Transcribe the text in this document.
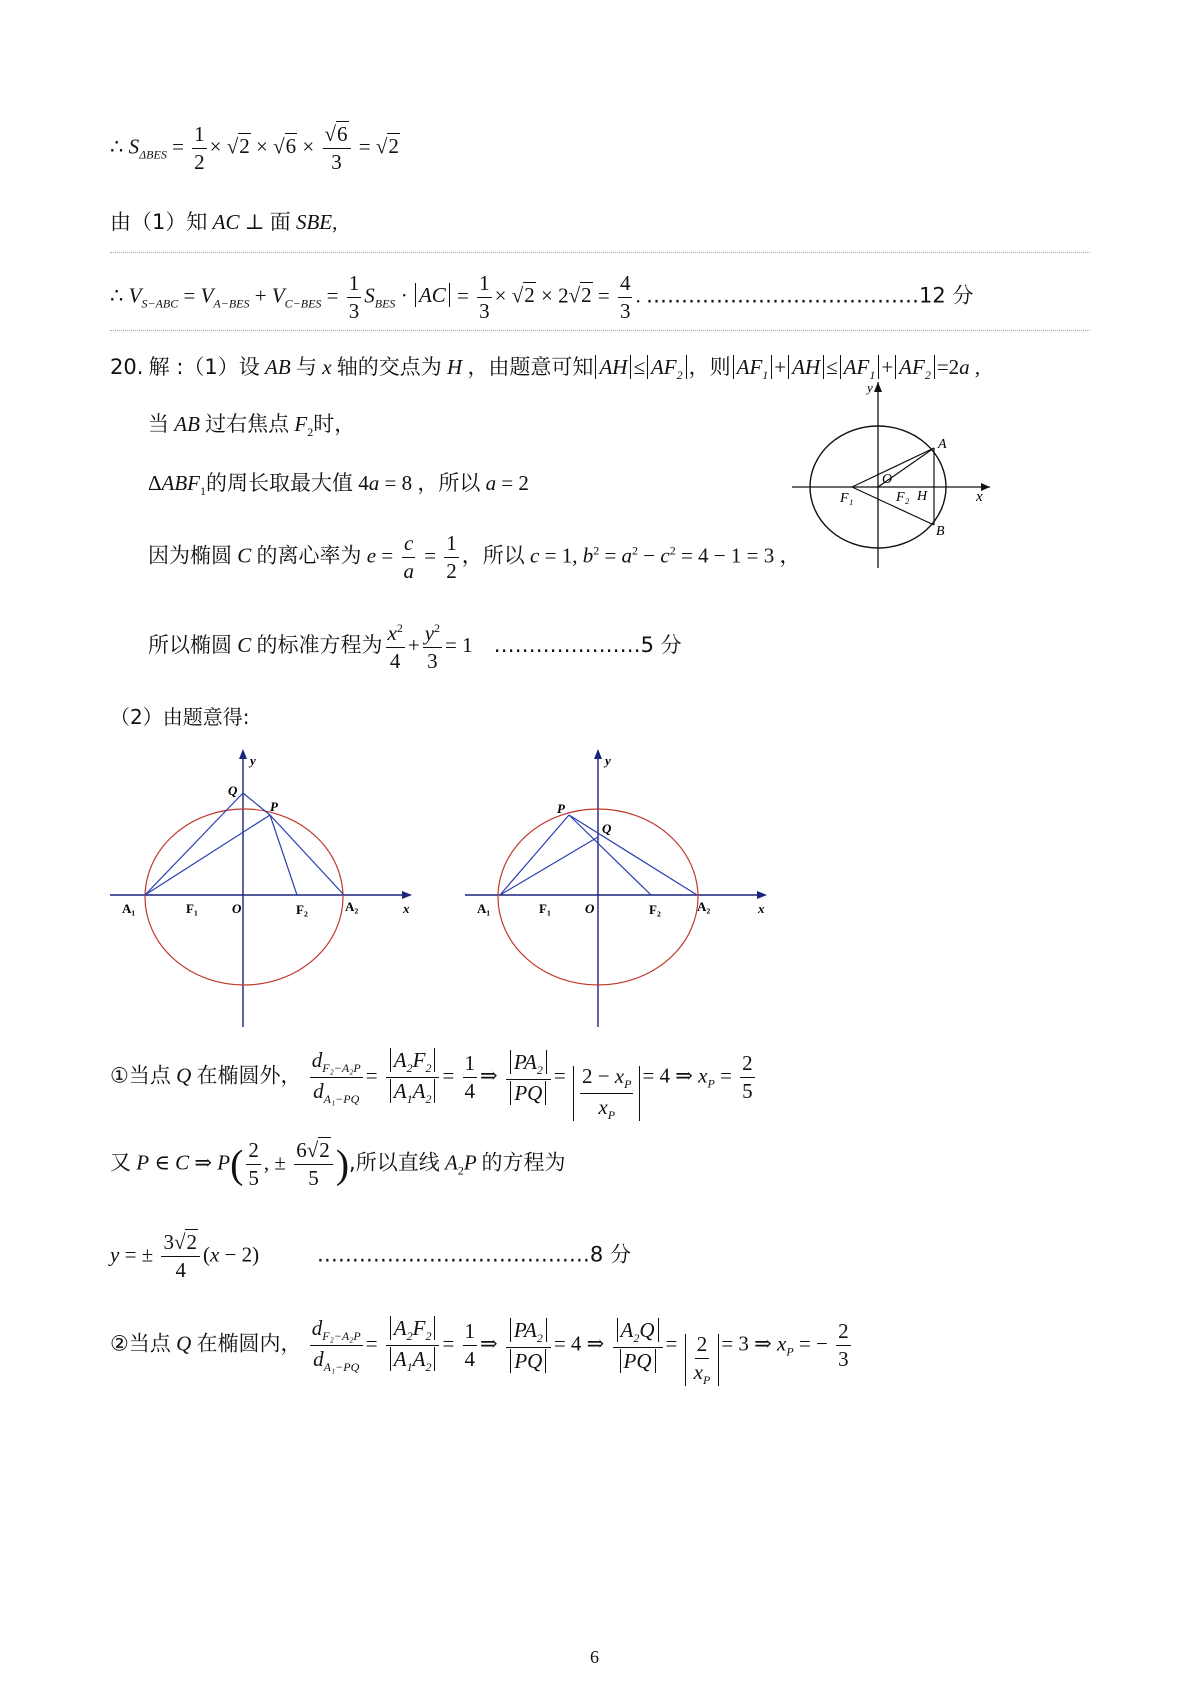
∴ $S_{\Delta BES} = \frac{1}{2} \times √2 \times √6 \times \frac{√6}{3} = √2$
由（1）知 AC ⊥ 面 SBE,
∴ $V_{S-ABC} = V_{A-BES} + V_{C-BES} = \frac{1}{3} S_{BES}$ · AC = $\frac{1}{3} \times √2 \times 2√2 = \frac{4}{3}$ . …………………………………12 分
20. 解 :（1）设 AB 与 x 轴的交点为 H ，由题意可知 AH ≤ $AF_2$ ，则 $AF_1$ + AH ≤ $AF_1 + AF_2 =2a$ ,
当 AB 过右焦点 $F_2$时，
$\Delta ABF_1$的周长取最大值 4a = 8 ，所以 a = 2
因为椭圆 C 的离心率为 $e = \frac{c}{a} = \frac{1}{2}$ ，所以 c = 1, $b^2 = a^2 - c^2 = 4 - 1 = 3$ ，
所以椭圆 C 的标准方程为 $\frac{x^2}{4} + \frac{y^2}{3} = 1$    …………………5 分
y
x
A
B
O
F₁	F₂ H
（2）由题意得:
y
Q
P
A₁	F₁	O	F₂	A₂	x
y
P
Q
A₁	F₁	O	F₂	A₂	x
①当点 Q 在椭圆外， $\frac{d_{F_2-A_2P}}{d_{A_1-PQ}} = \frac{A_2F_2}{A_1A_2} = \frac{1}{4}$ ⇒ $\frac{PA_2}{PQ} = \frac{2 - x_P}{x_P} = 4$ ⇒ $x_P = \frac{2}{5}$
又 P ∈ C ⇒ $P( \frac{2}{5}$ , ± $\frac{6√2}{5}$ ),所以直线 $A_2P$ 的方程为
y = ± $\frac{3√2}{4} (x - 2)$           …………………………………8 分
②当点 Q 在椭圆内， $\frac{d_{F_2-A_2P}}{d_{A_1-PQ}} = \frac{A_2F_2}{A_1A_2} = \frac{1}{4}$ ⇒ $\frac{PA_2}{PQ} = 4$ ⇒ $\frac{A_2Q}{PQ} = \frac{2}{x_P} = 3$ ⇒ $x_P$ = − $\frac{2}{3}$
6
